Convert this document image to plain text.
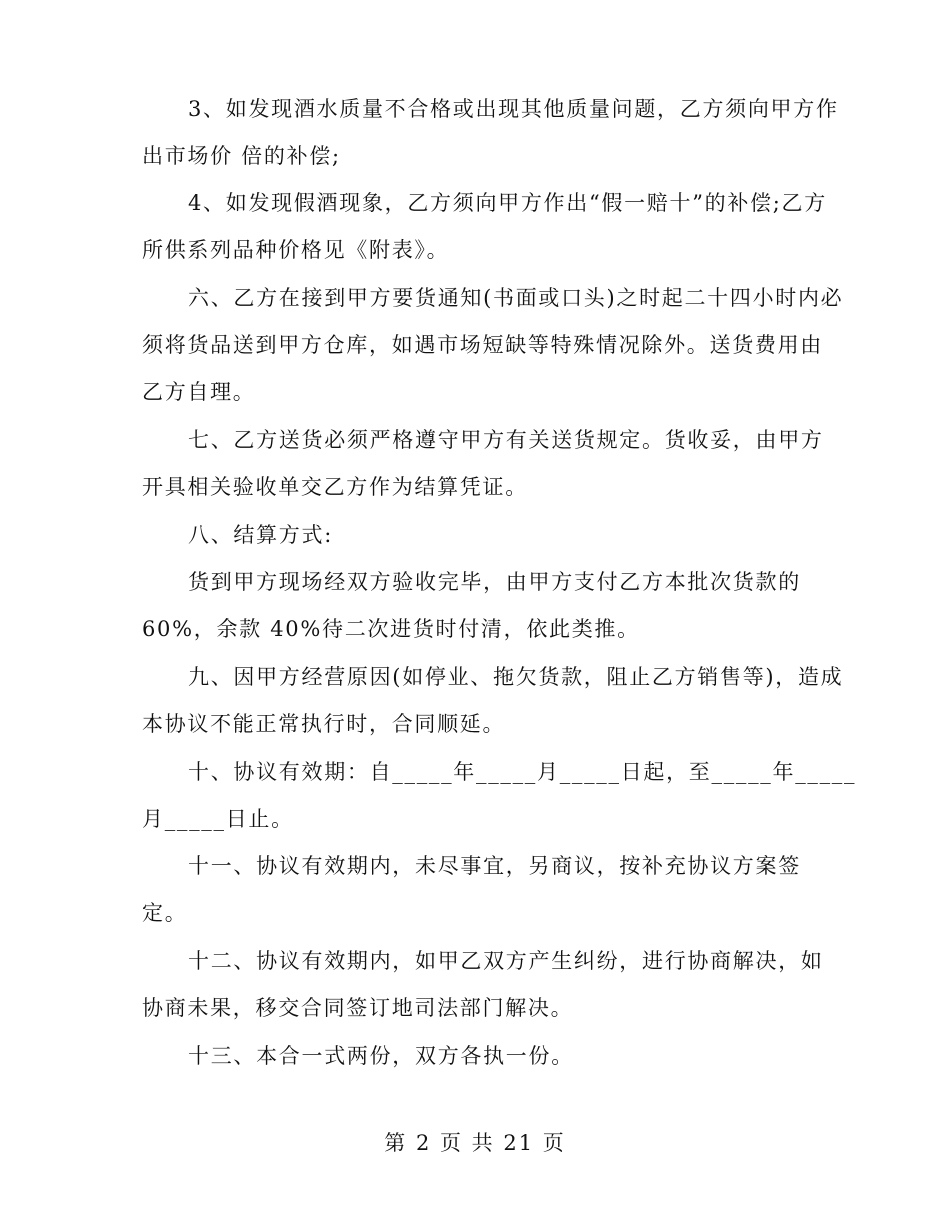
3、如发现酒水质量不合格或出现其他质量问题，乙方须向甲方作
出市场价 倍的补偿;
4、如发现假酒现象，乙方须向甲方作出“假一赔十”的补偿;乙方
所供系列品种价格见《附表》。
六、乙方在接到甲方要货通知(书面或口头)之时起二十四小时内必
须将货品送到甲方仓库，如遇市场短缺等特殊情况除外。送货费用由
乙方自理。
七、乙方送货必须严格遵守甲方有关送货规定。货收妥，由甲方
开具相关验收单交乙方作为结算凭证。
八、结算方式:
货到甲方现场经双方验收完毕，由甲方支付乙方本批次货款的
60%，余款 40%待二次进货时付清，依此类推。
九、因甲方经营原因(如停业、拖欠货款，阻止乙方销售等)，造成
本协议不能正常执行时，合同顺延。
十、协议有效期：自_____年_____月_____日起，至_____年_____
月_____日止。
十一、协议有效期内，未尽事宜，另商议，按补充协议方案签
定。
十二、协议有效期内，如甲乙双方产生纠纷，进行协商解决，如
协商未果，移交合同签订地司法部门解决。
十三、本合一式两份，双方各执一份。
第 2 页 共 21 页
